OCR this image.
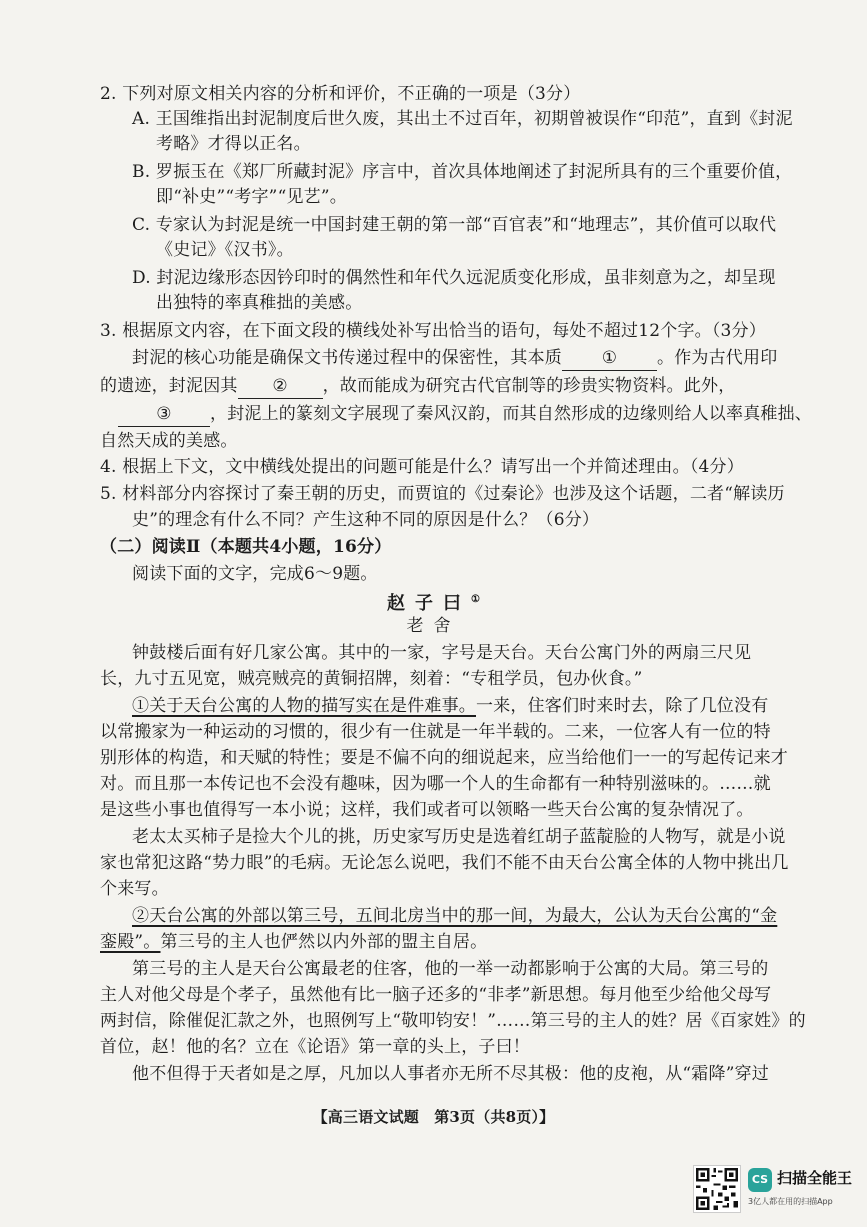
2. 下列对原文相关内容的分析和评价，不正确的一项是（3分）
A. 王国维指出封泥制度后世久废，其出土不过百年，初期曾被误作“印范”，直到《封泥
考略》才得以正名。
B. 罗振玉在《郑厂所藏封泥》序言中，首次具体地阐述了封泥所具有的三个重要价值，
即“补史”“考字”“见艺”。
C. 专家认为封泥是统一中国封建王朝的第一部“百官表”和“地理志”，其价值可以取代
《史记》《汉书》。
D. 封泥边缘形态因钤印时的偶然性和年代久远泥质变化形成，虽非刻意为之，却呈现
出独特的率真稚拙的美感。
3. 根据原文内容，在下面文段的横线处补写出恰当的语句，每处不超过12个字。（3分）
封泥的核心功能是确保文书传递过程中的保密性，其本质 ① 。作为古代用印
的遗迹，封泥因其 ② ，故而能成为研究古代官制等的珍贵实物资料。此外，
③ ，封泥上的篆刻文字展现了秦风汉韵，而其自然形成的边缘则给人以率真稚拙、
自然天成的美感。
4. 根据上下文，文中横线处提出的问题可能是什么？请写出一个并简述理由。（4分）
5. 材料部分内容探讨了秦王朝的历史，而贾谊的《过秦论》也涉及这个话题，二者“解读历
史”的理念有什么不同？产生这种不同的原因是什么？（6分）
（二）阅读Ⅱ（本题共4小题，16分）
阅读下面的文字，完成6～9题。
赵子曰①
老舍
钟鼓楼后面有好几家公寓。其中的一家，字号是天台。天台公寓门外的两扇三尺见
长，九寸五见宽，贼亮贼亮的黄铜招牌，刻着：“专租学员，包办伙食。”
①关于天台公寓的人物的描写实在是件难事。一来，住客们时来时去，除了几位没有
以常搬家为一种运动的习惯的，很少有一住就是一年半载的。二来，一位客人有一位的特
别形体的构造，和天赋的特性；要是不偏不向的细说起来，应当给他们一一的写起传记来才
对。而且那一本传记也不会没有趣味，因为哪一个人的生命都有一种特别滋味的。……就
是这些小事也值得写一本小说；这样，我们或者可以领略一些天台公寓的复杂情况了。
老太太买柿子是捡大个儿的挑，历史家写历史是选着红胡子蓝靛脸的人物写，就是小说
家也常犯这路“势力眼”的毛病。无论怎么说吧，我们不能不由天台公寓全体的人物中挑出几
个来写。
②天台公寓的外部以第三号，五间北房当中的那一间，为最大，公认为天台公寓的“金
銮殿”。第三号的主人也俨然以内外部的盟主自居。
第三号的主人是天台公寓最老的住客，他的一举一动都影响于公寓的大局。第三号的
主人对他父母是个孝子，虽然他有比一脑子还多的“非孝”新思想。每月他至少给他父母写
两封信，除催促汇款之外，也照例写上“敬叩钧安！”……第三号的主人的姓？居《百家姓》的
首位，赵！他的名？立在《论语》第一章的头上，子曰！
他不但得于天者如是之厚，凡加以人事者亦无所不尽其极：他的皮袍，从“霜降”穿过
【高三语文试题　第3页（共8页）】
CS 扫描全能王
3亿人都在用的扫描App
